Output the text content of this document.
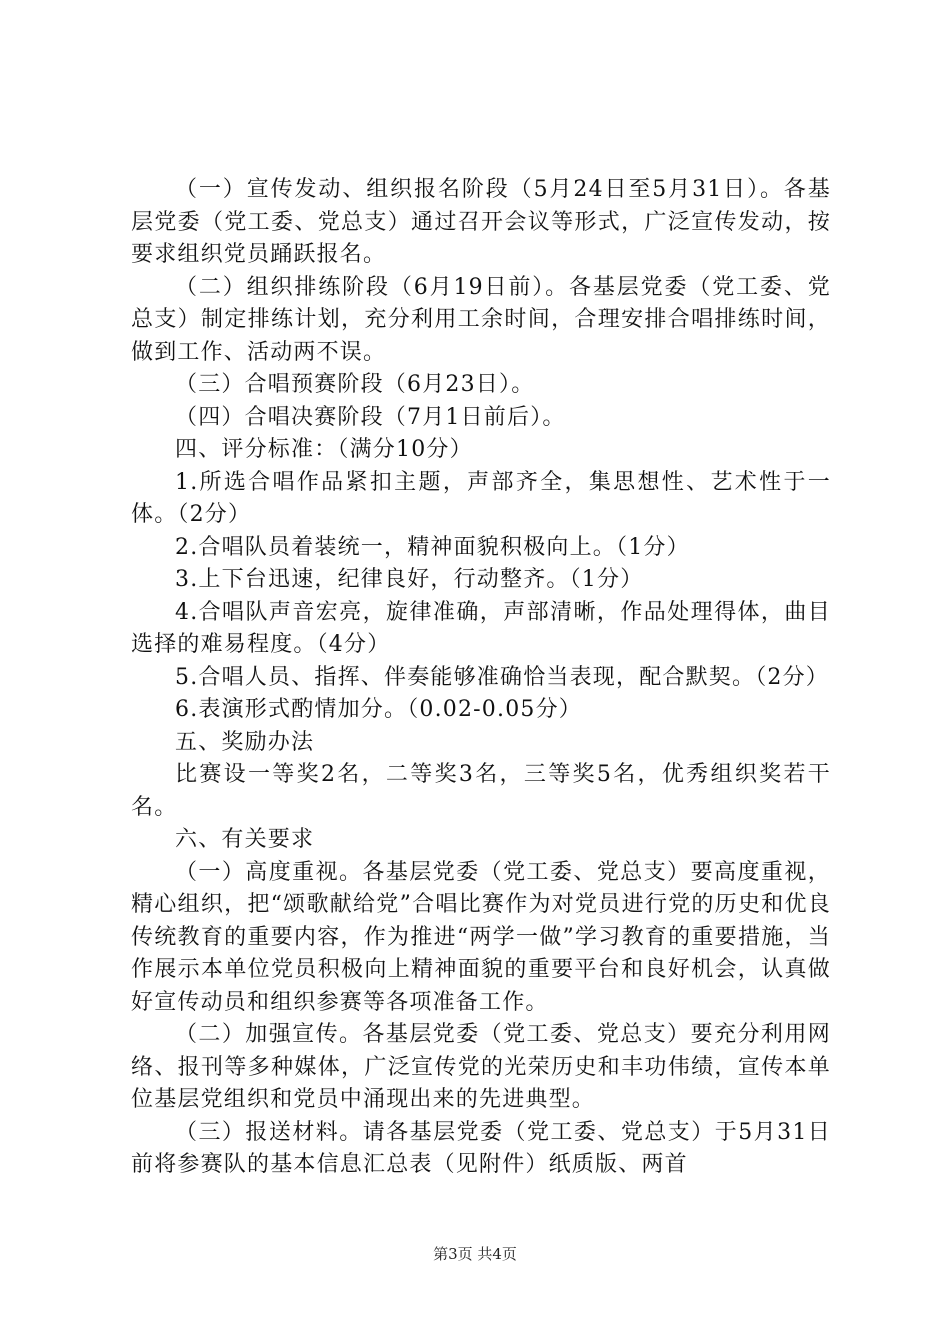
（一）宣传发动、组织报名阶段（5月24日至5月31日）。各基层党委（党工委、党总支）通过召开会议等形式，广泛宣传发动，按要求组织党员踊跃报名。

（二）组织排练阶段（6月19日前）。各基层党委（党工委、党总支）制定排练计划，充分利用工余时间，合理安排合唱排练时间，做到工作、活动两不误。

（三）合唱预赛阶段（6月23日）。

（四）合唱决赛阶段（7月1日前后）。

四、评分标准：（满分10分）

1.所选合唱作品紧扣主题，声部齐全，集思想性、艺术性于一体。（2分）

2.合唱队员着装统一，精神面貌积极向上。（1分）

3.上下台迅速，纪律良好，行动整齐。（1分）

4.合唱队声音宏亮，旋律准确，声部清晰，作品处理得体，曲目选择的难易程度。（4分）

5.合唱人员、指挥、伴奏能够准确恰当表现，配合默契。（2分）

6.表演形式酌情加分。（0.02-0.05分）

五、奖励办法

比赛设一等奖2名，二等奖3名，三等奖5名，优秀组织奖若干名。

六、有关要求

（一）高度重视。各基层党委（党工委、党总支）要高度重视，精心组织，把“颂歌献给党”合唱比赛作为对党员进行党的历史和优良传统教育的重要内容，作为推进“两学一做”学习教育的重要措施，当作展示本单位党员积极向上精神面貌的重要平台和良好机会，认真做好宣传动员和组织参赛等各项准备工作。

（二）加强宣传。各基层党委（党工委、党总支）要充分利用网络、报刊等多种媒体，广泛宣传党的光荣历史和丰功伟绩，宣传本单位基层党组织和党员中涌现出来的先进典型。

（三）报送材料。请各基层党委（党工委、党总支）于5月31日前将参赛队的基本信息汇总表（见附件）纸质版、两首

第3页 共4页
